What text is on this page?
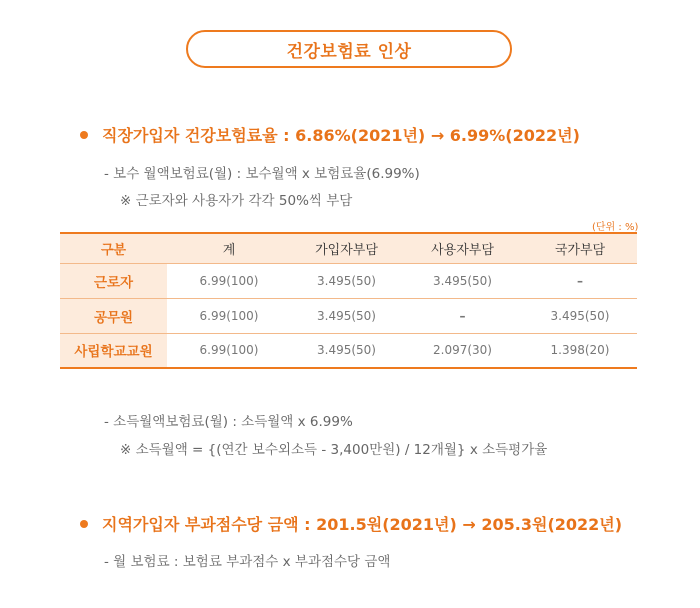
건강보험료 인상
직장가입자 건강보험료율 : 6.86%(2021년) → 6.99%(2022년)
- 보수 월액보험료(월) : 보수월액 x 보험료율(6.99%)
※ 근로자와 사용자가 각각 50%씩 부담
(단위 : %)
구분	계	가입자부담	사용자부담	국가부담
근로자	6.99(100)	3.495(50)	3.495(50)	–
공무원	6.99(100)	3.495(50)	–	3.495(50)
사립학교교원	6.99(100)	3.495(50)	2.097(30)	1.398(20)
- 소득월액보험료(월) : 소득월액 x 6.99%
※ 소득월액 = {(연간 보수외소득 - 3,400만원) / 12개월} x 소득평가율
지역가입자 부과점수당 금액 : 201.5원(2021년) → 205.3원(2022년)
- 월 보험료 : 보험료 부과점수 x 부과점수당 금액
